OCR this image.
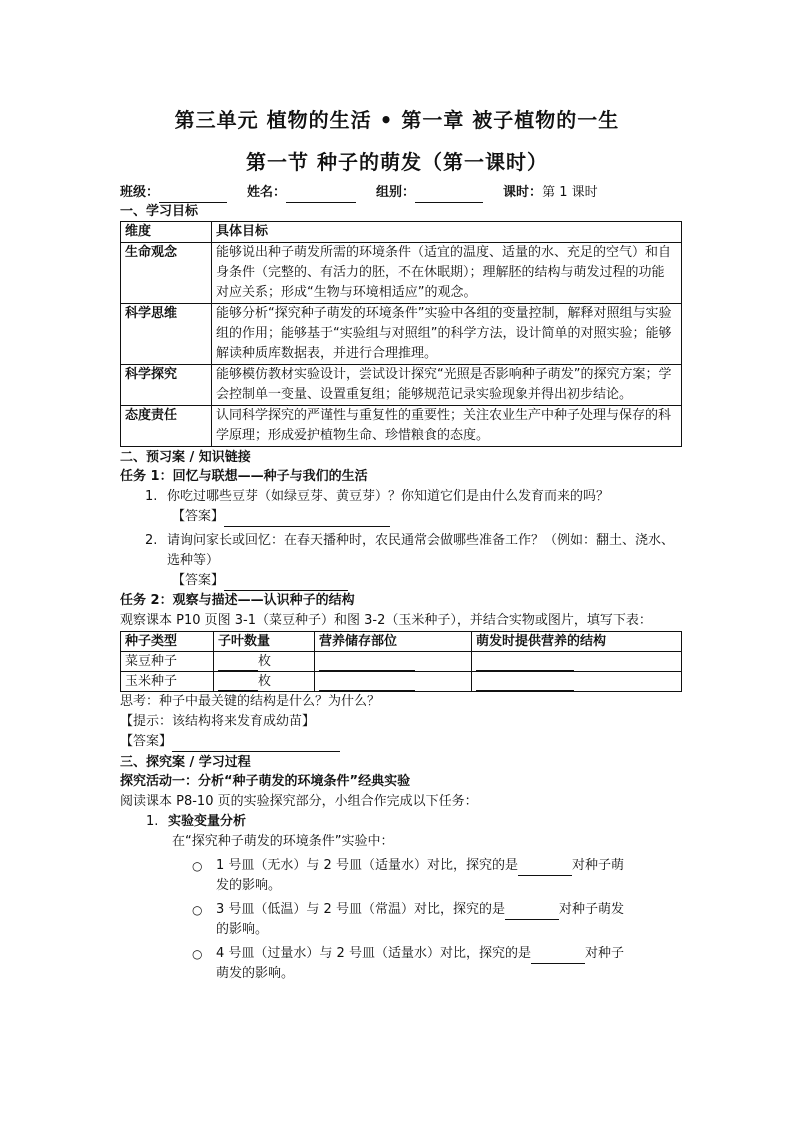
第三单元 植物的生活 • 第一章 被子植物的一生
第一节 种子的萌发（第一课时）
班级：	姓名：	组别：	课时： 第 1 课时
一、学习目标
维度	具体目标
生命观念	能够说出种子萌发所需的环境条件（适宜的温度、适量的水、充足的空气）和自身条件（完整的、有活力的胚，不在休眠期）；理解胚的结构与萌发过程的功能对应关系；形成“生物与环境相适应”的观念。
科学思维	能够分析“探究种子萌发的环境条件”实验中各组的变量控制，解释对照组与实验组的作用；能够基于“实验组与对照组”的科学方法，设计简单的对照实验；能够解读种质库数据表，并进行合理推理。
科学探究	能够模仿教材实验设计，尝试设计探究“光照是否影响种子萌发”的探究方案；学会控制单一变量、设置重复组；能够规范记录实验现象并得出初步结论。
态度责任	认同科学探究的严谨性与重复性的重要性；关注农业生产中种子处理与保存的科学原理；形成爱护植物生命、珍惜粮食的态度。
二、预习案 / 知识链接
任务 1：回忆与联想——种子与我们的生活
1. 你吃过哪些豆芽（如绿豆芽、黄豆芽）？你知道它们是由什么发育而来的吗？
【答案】
2. 请询问家长或回忆：在春天播种时，农民通常会做哪些准备工作？（例如：翻土、浇水、选种等）
【答案】
任务 2：观察与描述——认识种子的结构
观察课本 P10 页图 3-1（菜豆种子）和图 3-2（玉米种子），并结合实物或图片，填写下表：
种子类型	子叶数量	营养储存部位	萌发时提供营养的结构
菜豆种子	枚		
玉米种子	枚		
思考：种子中最关键的结构是什么？为什么？
【提示：该结构将来发育成幼苗】
【答案】
三、探究案 / 学习过程
探究活动一：分析“种子萌发的环境条件”经典实验
阅读课本 P8-10 页的实验探究部分，小组合作完成以下任务：
1. 实验变量分析
在“探究种子萌发的环境条件”实验中：
○ 1 号皿（无水）与 2 号皿（适量水）对比，探究的是	对种子萌
发的影响。
○ 3 号皿（低温）与 2 号皿（常温）对比，探究的是	对种子萌发
的影响。
○ 4 号皿（过量水）与 2 号皿（适量水）对比，探究的是	对种子
萌发的影响。
